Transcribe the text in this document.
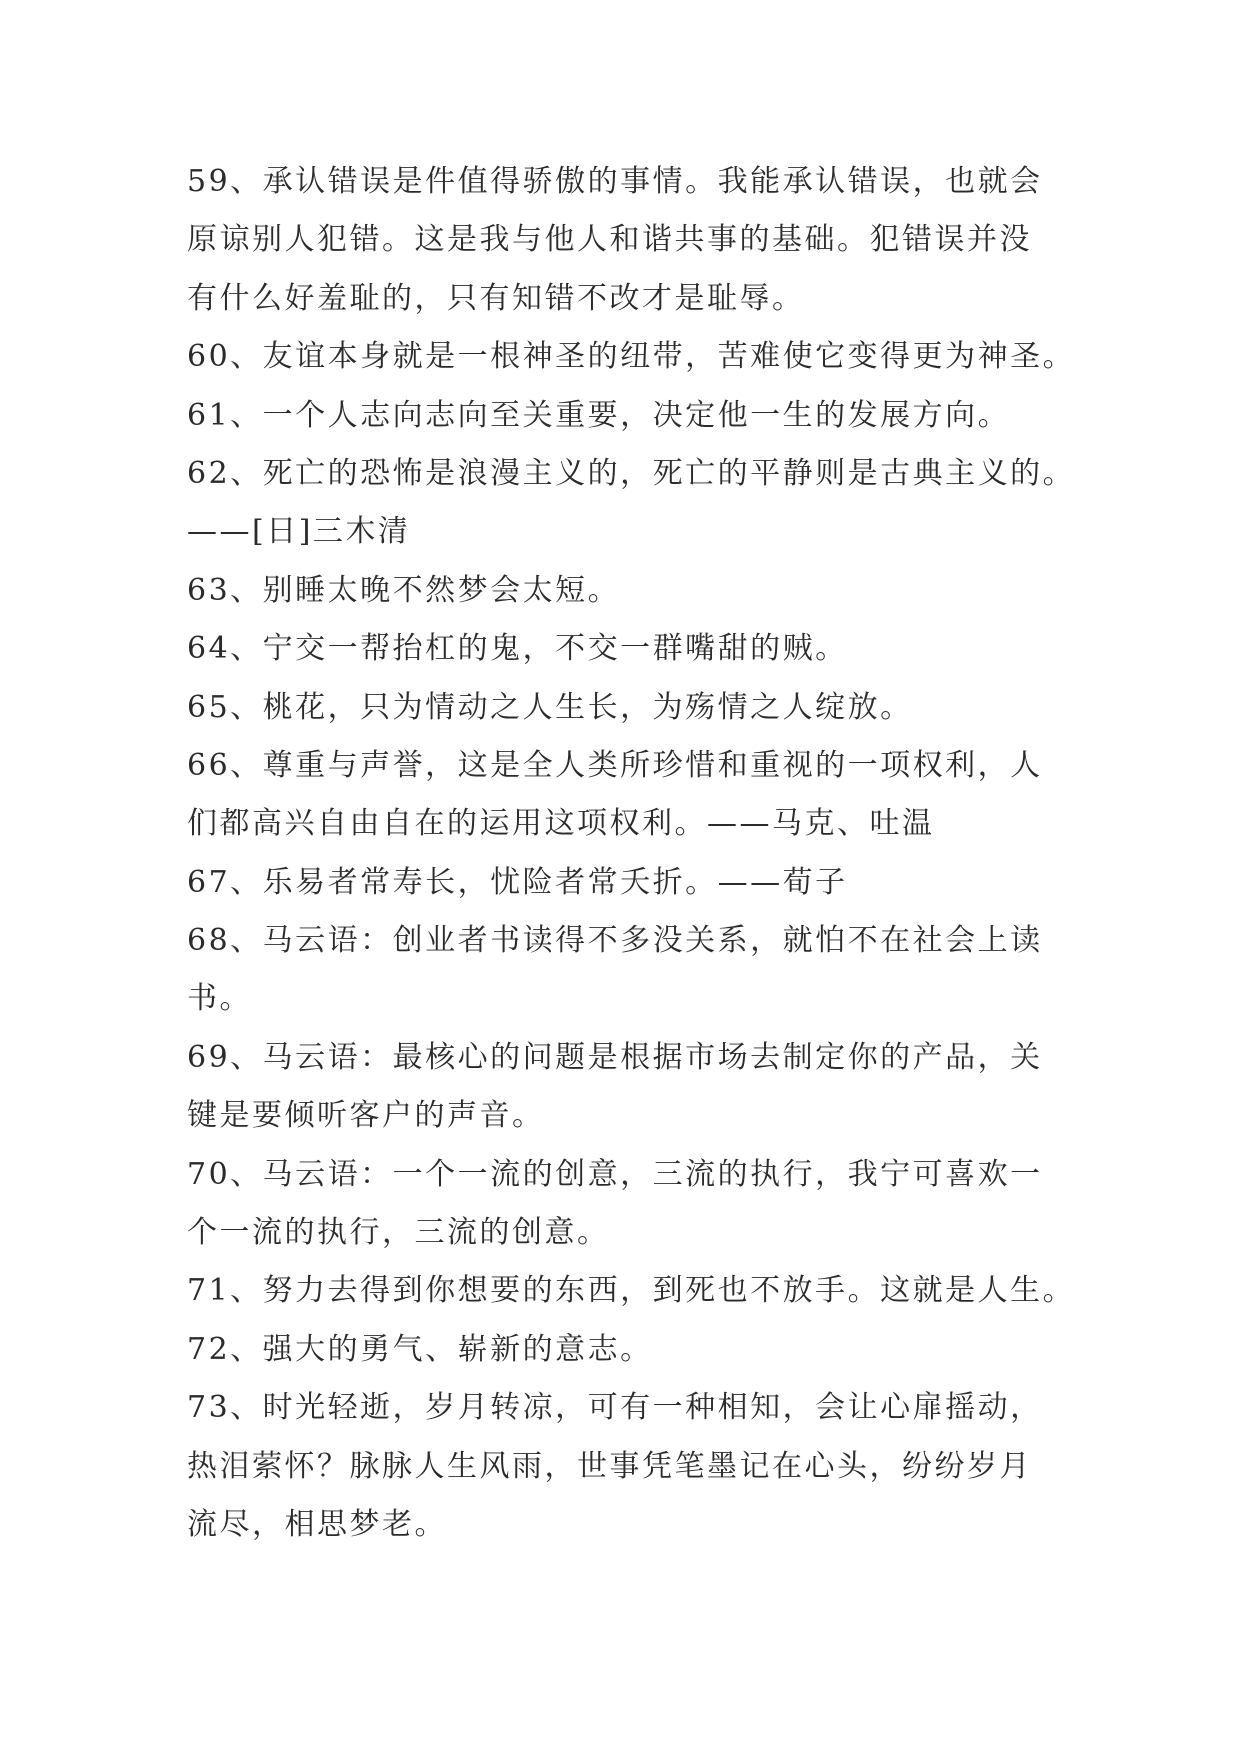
59、承认错误是件值得骄傲的事情。我能承认错误，也就会
原谅别人犯错。这是我与他人和谐共事的基础。犯错误并没
有什么好羞耻的，只有知错不改才是耻辱。
60、友谊本身就是一根神圣的纽带，苦难使它变得更为神圣。
61、一个人志向志向至关重要，决定他一生的发展方向。
62、死亡的恐怖是浪漫主义的，死亡的平静则是古典主义的。
——[日]三木清
63、别睡太晚不然梦会太短。
64、宁交一帮抬杠的鬼，不交一群嘴甜的贼。
65、桃花，只为情动之人生长，为殇情之人绽放。
66、尊重与声誉，这是全人类所珍惜和重视的一项权利，人
们都高兴自由自在的运用这项权利。——马克、吐温
67、乐易者常寿长，忧险者常夭折。——荀子
68、马云语：创业者书读得不多没关系，就怕不在社会上读
书。
69、马云语：最核心的问题是根据市场去制定你的产品，关
键是要倾听客户的声音。
70、马云语：一个一流的创意，三流的执行，我宁可喜欢一
个一流的执行，三流的创意。
71、努力去得到你想要的东西，到死也不放手。这就是人生。
72、强大的勇气、崭新的意志。
73、时光轻逝，岁月转凉，可有一种相知，会让心扉摇动，
热泪萦怀？脉脉人生风雨，世事凭笔墨记在心头，纷纷岁月
流尽，相思梦老。
